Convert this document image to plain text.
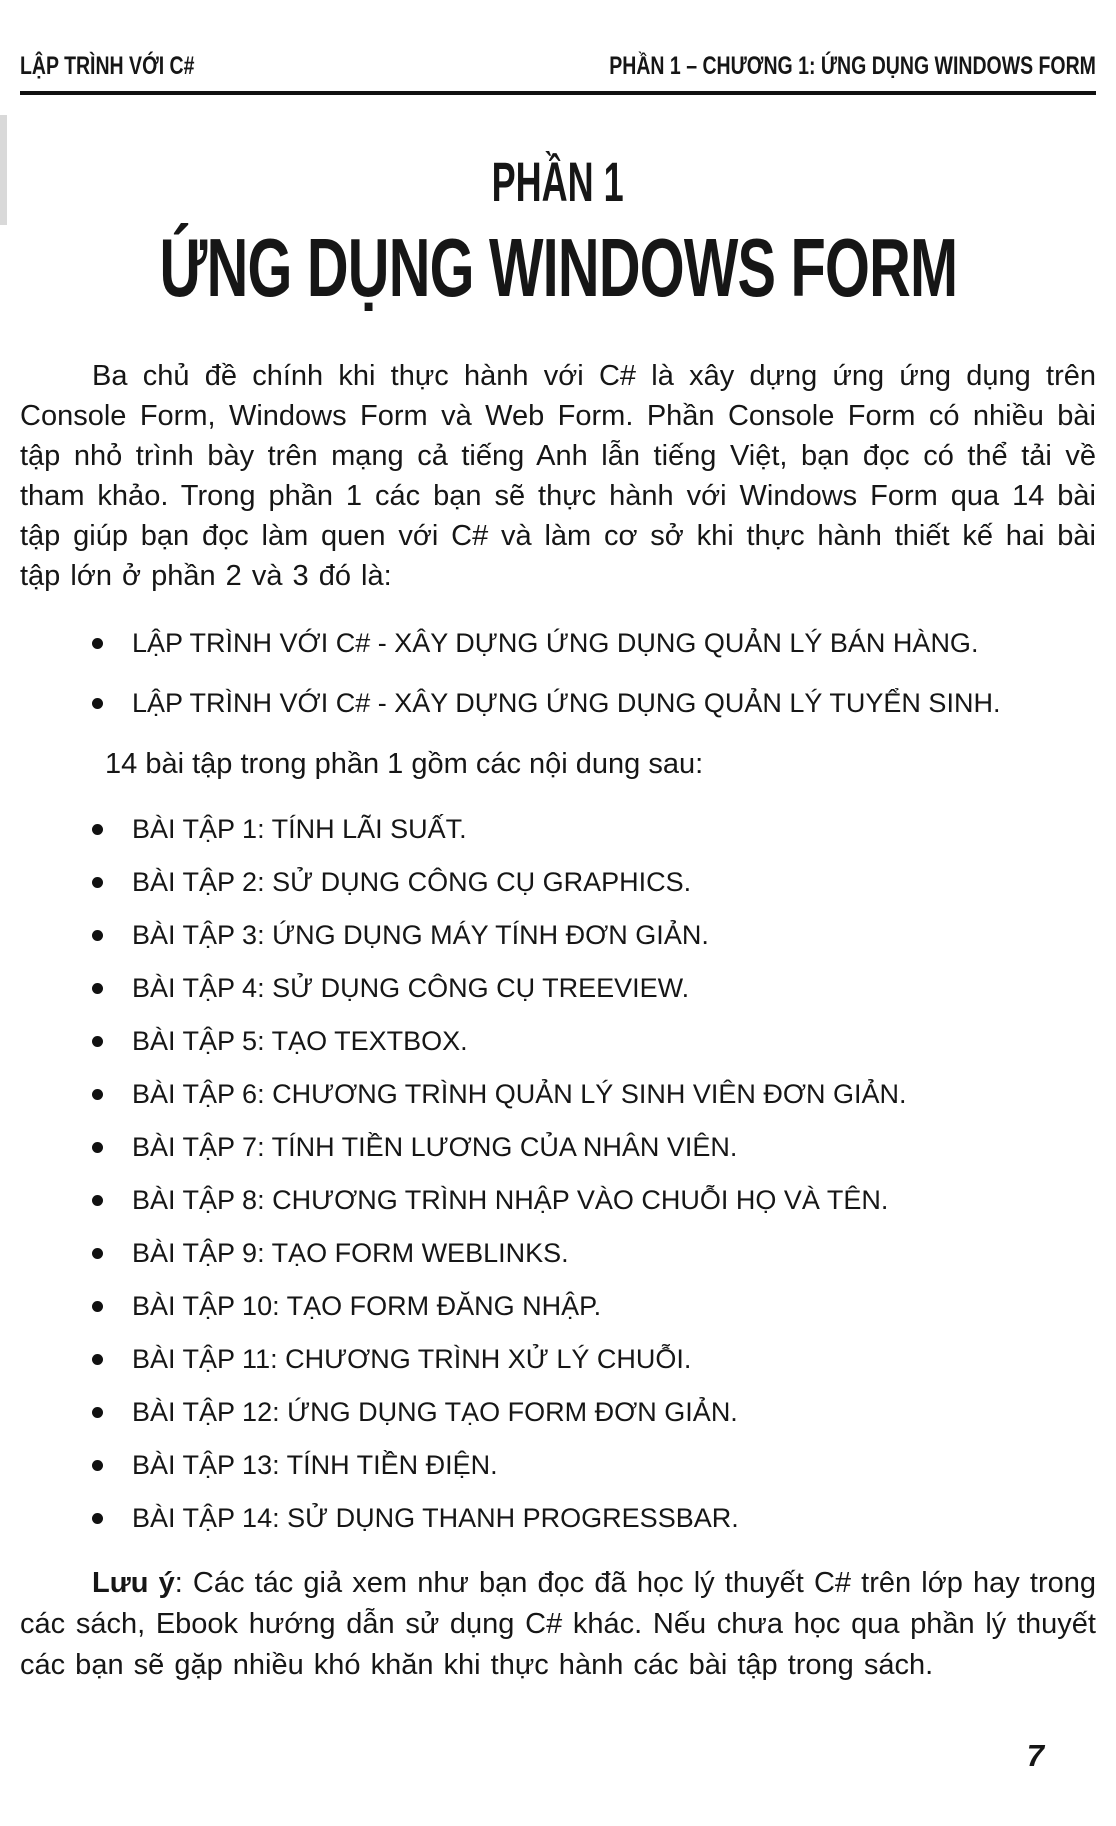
LẬP TRÌNH VỚI C#	PHẦN 1 – CHƯƠNG 1: ỨNG DỤNG WINDOWS FORM
PHẦN 1
ỨNG DỤNG WINDOWS FORM

Ba chủ đề chính khi thực hành với C# là xây dựng ứng ứng dụng trên Console Form, Windows Form và Web Form. Phần Console Form có nhiều bài tập nhỏ trình bày trên mạng cả tiếng Anh lẫn tiếng Việt, bạn đọc có thể tải về tham khảo. Trong phần 1 các bạn sẽ thực hành với Windows Form qua 14 bài tập giúp bạn đọc làm quen với C# và làm cơ sở khi thực hành thiết kế hai bài tập lớn ở phần 2 và 3 đó là:

LẬP TRÌNH VỚI C# - XÂY DỰNG ỨNG DỤNG QUẢN LÝ BÁN HÀNG.
LẬP TRÌNH VỚI C# - XÂY DỰNG ỨNG DỤNG QUẢN LÝ TUYỂN SINH.

14 bài tập trong phần 1 gồm các nội dung sau:

BÀI TẬP 1: TÍNH LÃI SUẤT.
BÀI TẬP 2: SỬ DỤNG CÔNG CỤ GRAPHICS.
BÀI TẬP 3: ỨNG DỤNG MÁY TÍNH ĐƠN GIẢN.
BÀI TẬP 4: SỬ DỤNG CÔNG CỤ TREEVIEW.
BÀI TẬP 5: TẠO TEXTBOX.
BÀI TẬP 6: CHƯƠNG TRÌNH QUẢN LÝ SINH VIÊN ĐƠN GIẢN.
BÀI TẬP 7: TÍNH TIỀN LƯƠNG CỦA NHÂN VIÊN.
BÀI TẬP 8: CHƯƠNG TRÌNH NHẬP VÀO CHUỖI HỌ VÀ TÊN.
BÀI TẬP 9: TẠO FORM WEBLINKS.
BÀI TẬP 10: TẠO FORM ĐĂNG NHẬP.
BÀI TẬP 11: CHƯƠNG TRÌNH XỬ LÝ CHUỖI.
BÀI TẬP 12: ỨNG DỤNG TẠO FORM ĐƠN GIẢN.
BÀI TẬP 13: TÍNH TIỀN ĐIỆN.
BÀI TẬP 14: SỬ DỤNG THANH PROGRESSBAR.

Lưu ý: Các tác giả xem như bạn đọc đã học lý thuyết C# trên lớp hay trong các sách, Ebook hướng dẫn sử dụng C# khác. Nếu chưa học qua phần lý thuyết các bạn sẽ gặp nhiều khó khăn khi thực hành các bài tập trong sách.

7
